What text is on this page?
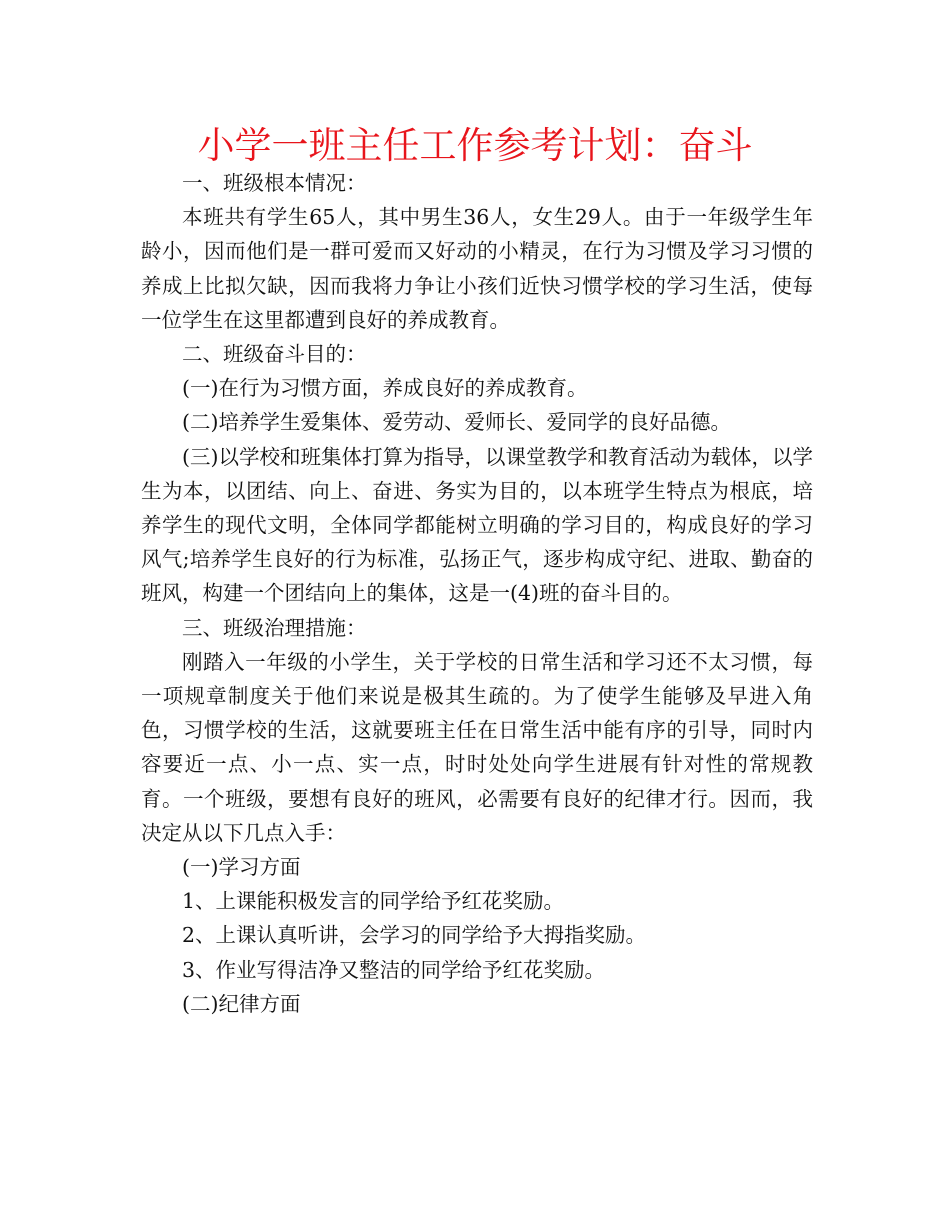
小学一班主任工作参考计划：奋斗

一、班级根本情况：

本班共有学生65人，其中男生36人，女生29人。由于一年级学生年龄小，因而他们是一群可爱而又好动的小精灵，在行为习惯及学习习惯的养成上比拟欠缺，因而我将力争让小孩们近快习惯学校的学习生活，使每一位学生在这里都遭到良好的养成教育。

二、班级奋斗目的：

(一)在行为习惯方面，养成良好的养成教育。

(二)培养学生爱集体、爱劳动、爱师长、爱同学的良好品德。

(三)以学校和班集体打算为指导，以课堂教学和教育活动为载体，以学生为本，以团结、向上、奋进、务实为目的，以本班学生特点为根底，培养学生的现代文明，全体同学都能树立明确的学习目的，构成良好的学习风气;培养学生良好的行为标准，弘扬正气，逐步构成守纪、进取、勤奋的班风，构建一个团结向上的集体，这是一(4)班的奋斗目的。

三、班级治理措施：

刚踏入一年级的小学生，关于学校的日常生活和学习还不太习惯，每一项规章制度关于他们来说是极其生疏的。为了使学生能够及早进入角色，习惯学校的生活，这就要班主任在日常生活中能有序的引导，同时内容要近一点、小一点、实一点，时时处处向学生进展有针对性的常规教育。一个班级，要想有良好的班风，必需要有良好的纪律才行。因而，我决定从以下几点入手：

(一)学习方面

1、上课能积极发言的同学给予红花奖励。

2、上课认真听讲，会学习的同学给予大拇指奖励。

3、作业写得洁净又整洁的同学给予红花奖励。

(二)纪律方面
